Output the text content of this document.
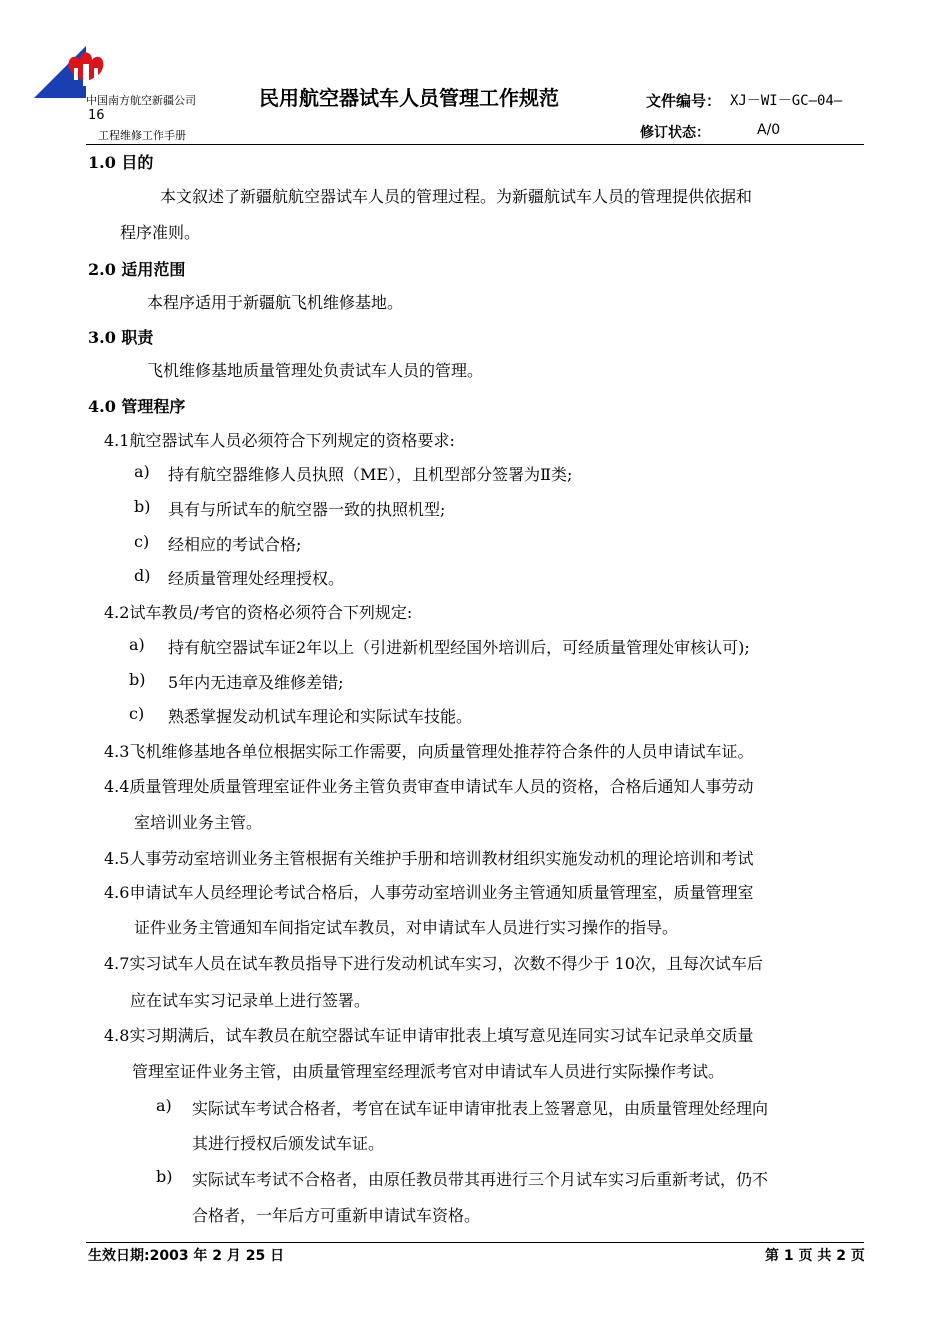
中国南方航空新疆公司
16
工程维修工作手册
民用航空器试车人员管理工作规范	文件编号： XJ－WI－GC—04—
修订状态：	A/0
1.0 目的
本文叙述了新疆航航空器试车人员的管理过程。为新疆航试车人员的管理提供依据和
程序准则。
2.0 适用范围
本程序适用于新疆航飞机维修基地。
3.0 职责
飞机维修基地质量管理处负责试车人员的管理。
4.0 管理程序
4.1航空器试车人员必须符合下列规定的资格要求:
a) 持有航空器维修人员执照（ME），且机型部分签署为Ⅱ类;
b) 具有与所试车的航空器一致的执照机型;
c) 经相应的考试合格;
d) 经质量管理处经理授权。
4.2试车教员/考官的资格必须符合下列规定:
a) 持有航空器试车证2年以上（引进新机型经国外培训后，可经质量管理处审核认可);
b) 5年内无违章及维修差错;
c) 熟悉掌握发动机试车理论和实际试车技能。
4.3飞机维修基地各单位根据实际工作需要，向质量管理处推荐符合条件的人员申请试车证。
4.4质量管理处质量管理室证件业务主管负责审查申请试车人员的资格，合格后通知人事劳动
室培训业务主管。
4.5人事劳动室培训业务主管根据有关维护手册和培训教材组织实施发动机的理论培训和考试
4.6申请试车人员经理论考试合格后，人事劳动室培训业务主管通知质量管理室，质量管理室
证件业务主管通知车间指定试车教员，对申请试车人员进行实习操作的指导。
4.7实习试车人员在试车教员指导下进行发动机试车实习，次数不得少于 10次，且每次试车后
应在试车实习记录单上进行签署。
4.8实习期满后，试车教员在航空器试车证申请审批表上填写意见连同实习试车记录单交质量
管理室证件业务主管，由质量管理室经理派考官对申请试车人员进行实际操作考试。
a) 实际试车考试合格者，考官在试车证申请审批表上签署意见，由质量管理处经理向
其进行授权后颁发试车证。
b) 实际试车考试不合格者，由原任教员带其再进行三个月试车实习后重新考试，仍不
合格者，一年后方可重新申请试车资格。
生效日期:2003 年 2 月 25 日	第 1 页 共 2 页
